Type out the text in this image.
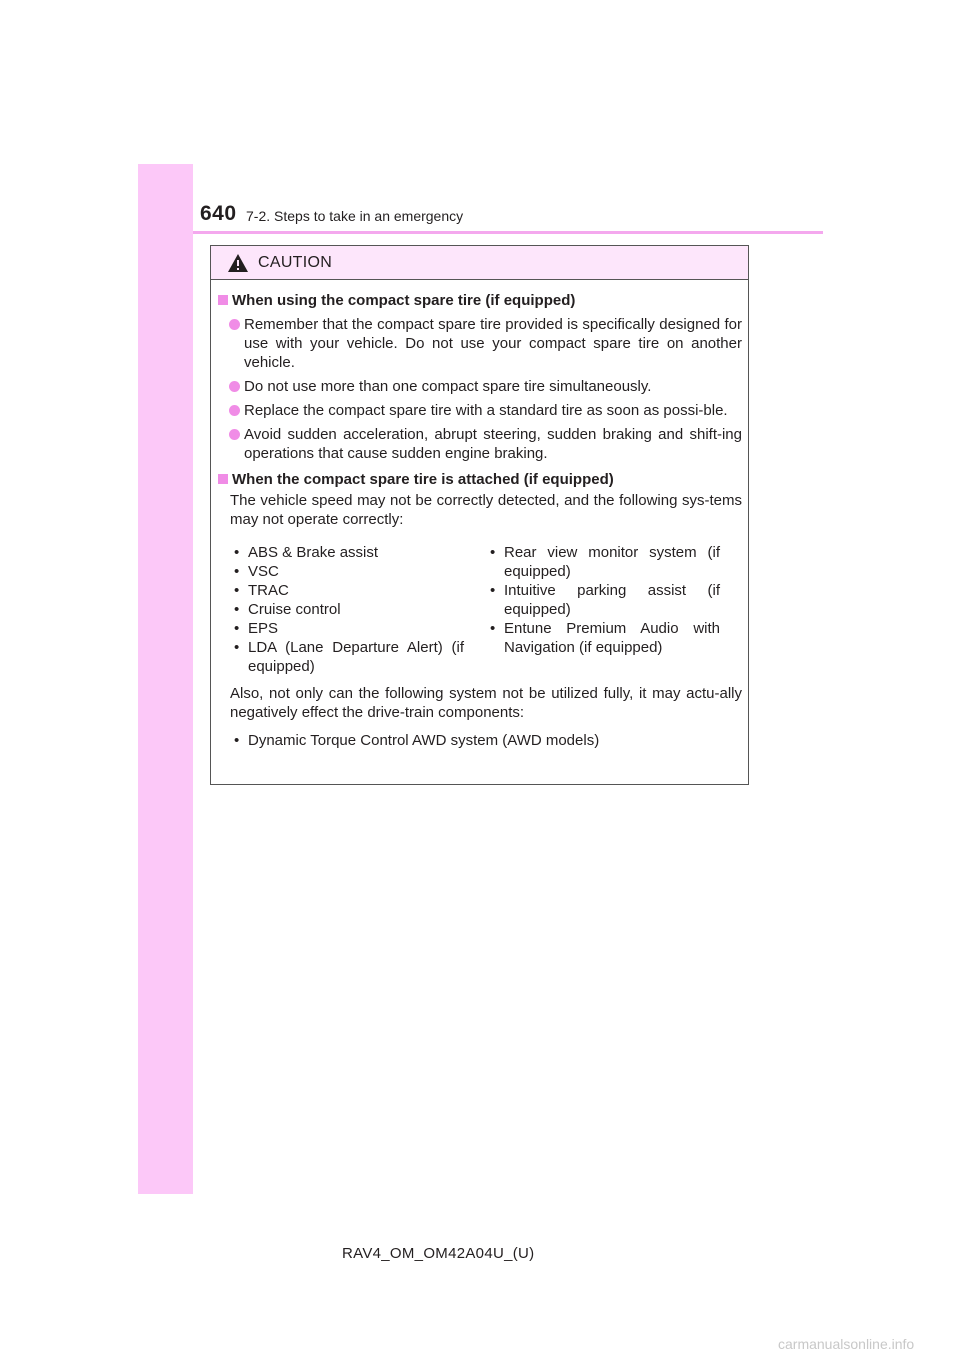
640 7-2. Steps to take in an emergency
CAUTION
When using the compact spare tire (if equipped)
Remember that the compact spare tire provided is specifically designed for use with your vehicle. Do not use your compact spare tire on another vehicle.
Do not use more than one compact spare tire simultaneously.
Replace the compact spare tire with a standard tire as soon as possi-ble.
Avoid sudden acceleration, abrupt steering, sudden braking and shift-ing operations that cause sudden engine braking.
When the compact spare tire is attached (if equipped)
The vehicle speed may not be correctly detected, and the following sys-tems may not operate correctly:
• ABS & Brake assist
• VSC
• TRAC
• Cruise control
• EPS
• LDA (Lane Departure Alert) (if equipped)
• Rear view monitor system (if equipped)
• Intuitive parking assist (if equipped)
• Entune Premium Audio with Navigation (if equipped)
Also, not only can the following system not be utilized fully, it may actu-ally negatively effect the drive-train components:
• Dynamic Torque Control AWD system (AWD models)
RAV4_OM_OM42A04U_(U)
carmanualsonline.info
